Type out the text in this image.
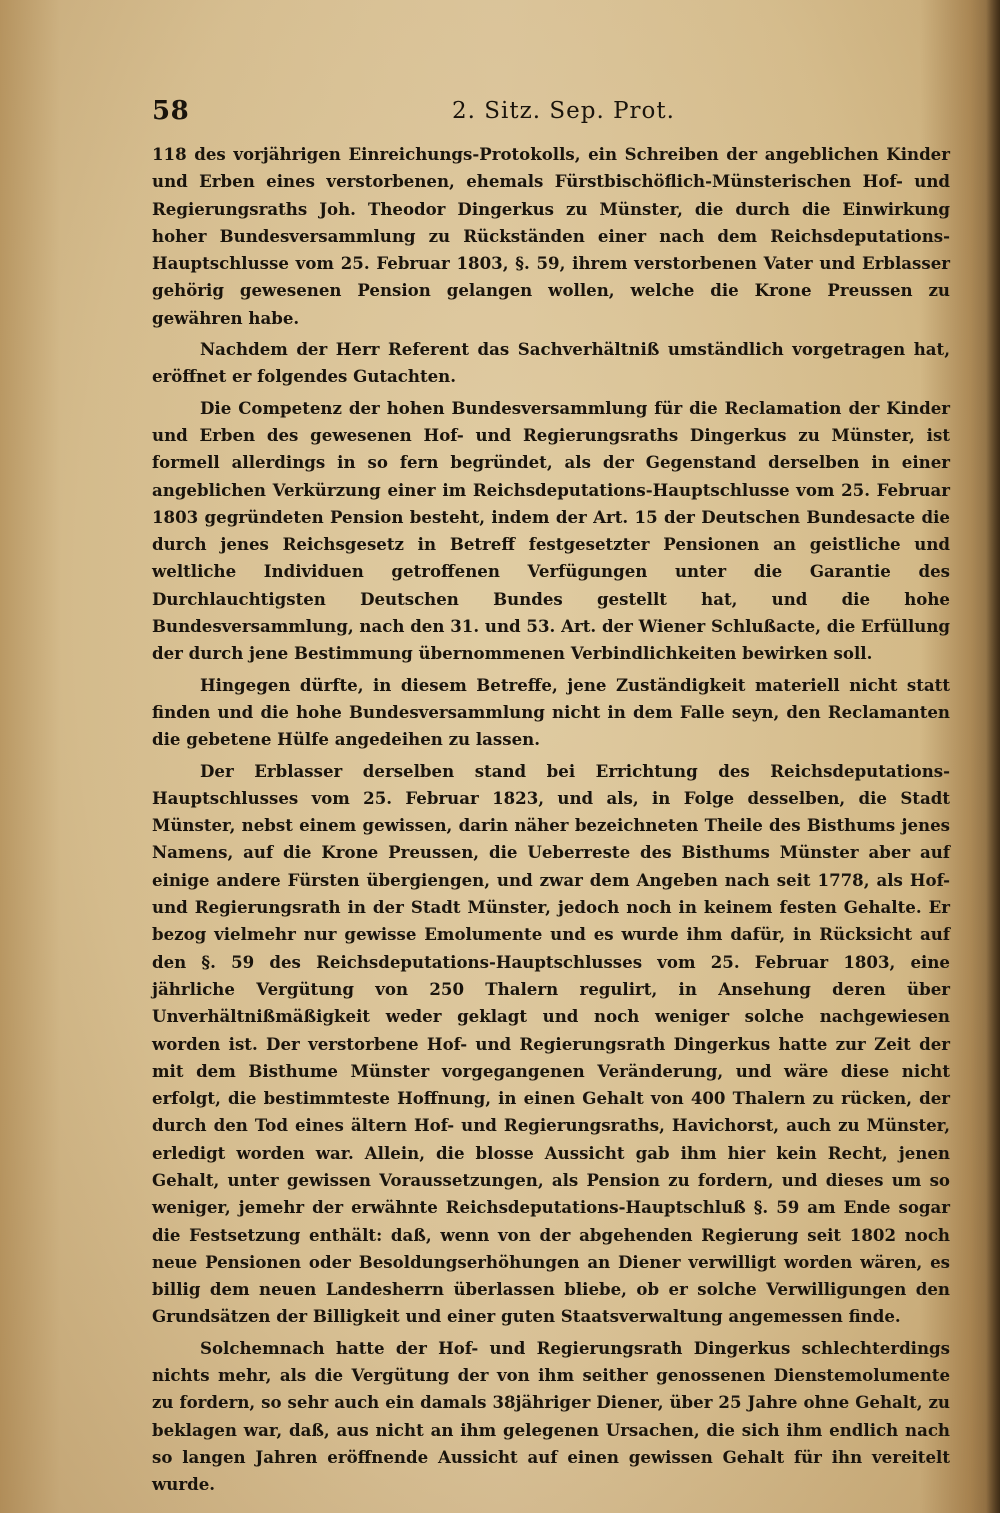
58	2. Sitz. Sep. Prot.

118 des vorjährigen Einreichungs-Protokolls, ein Schreiben der angeblichen Kinder und Erben eines verstorbenen, ehemals Fürstbischöflich-Münsterischen Hof- und Regierungsraths Joh. Theodor Dingerkus zu Münster, die durch die Einwirkung hoher Bundesversammlung zu Rückständen einer nach dem Reichsdeputations-Hauptschlusse vom 25. Februar 1803, §. 59, ihrem verstorbenen Vater und Erblasser gehörig gewesenen Pension gelangen wollen, welche die Krone Preussen zu gewähren habe.

Nachdem der Herr Referent das Sachverhältniß umständlich vorgetragen hat, eröffnet er folgendes Gutachten.

Die Competenz der hohen Bundesversammlung für die Reclamation der Kinder und Erben des gewesenen Hof- und Regierungsraths Dingerkus zu Münster, ist formell allerdings in so fern begründet, als der Gegenstand derselben in einer angeblichen Verkürzung einer im Reichsdeputations-Hauptschlusse vom 25. Februar 1803 gegründeten Pension besteht, indem der Art. 15 der Deutschen Bundesacte die durch jenes Reichsgesetz in Betreff festgesetzter Pensionen an geistliche und weltliche Individuen getroffenen Verfügungen unter die Garantie des Durchlauchtigsten Deutschen Bundes gestellt hat, und die hohe Bundesversammlung, nach den 31. und 53. Art. der Wiener Schlußacte, die Erfüllung der durch jene Bestimmung übernommenen Verbindlichkeiten bewirken soll.

Hingegen dürfte, in diesem Betreffe, jene Zuständigkeit materiell nicht statt finden und die hohe Bundesversammlung nicht in dem Falle seyn, den Reclamanten die gebetene Hülfe angedeihen zu lassen.

Der Erblasser derselben stand bei Errichtung des Reichsdeputations-Hauptschlusses vom 25. Februar 1823, und als, in Folge desselben, die Stadt Münster, nebst einem gewissen, darin näher bezeichneten Theile des Bisthums jenes Namens, auf die Krone Preussen, die Ueberreste des Bisthums Münster aber auf einige andere Fürsten übergiengen, und zwar dem Angeben nach seit 1778, als Hof- und Regierungsrath in der Stadt Münster, jedoch noch in keinem festen Gehalte. Er bezog vielmehr nur gewisse Emolumente und es wurde ihm dafür, in Rücksicht auf den §. 59 des Reichsdeputations-Hauptschlusses vom 25. Februar 1803, eine jährliche Vergütung von 250 Thalern regulirt, in Ansehung deren über Unverhältnißmäßigkeit weder geklagt und noch weniger solche nachgewiesen worden ist. Der verstorbene Hof- und Regierungsrath Dingerkus hatte zur Zeit der mit dem Bisthume Münster vorgegangenen Veränderung, und wäre diese nicht erfolgt, die bestimmteste Hoffnung, in einen Gehalt von 400 Thalern zu rücken, der durch den Tod eines ältern Hof- und Regierungsraths, Havichorst, auch zu Münster, erledigt worden war. Allein, die blosse Aussicht gab ihm hier kein Recht, jenen Gehalt, unter gewissen Voraussetzungen, als Pension zu fordern, und dieses um so weniger, jemehr der erwähnte Reichsdeputations-Hauptschluß §. 59 am Ende sogar die Festsetzung enthält: daß, wenn von der abgehenden Regierung seit 1802 noch neue Pensionen oder Besoldungserhöhungen an Diener verwilligt worden wären, es billig dem neuen Landesherrn überlassen bliebe, ob er solche Verwilligungen den Grundsätzen der Billigkeit und einer guten Staatsverwaltung angemessen finde.

Solchemnach hatte der Hof- und Regierungsrath Dingerkus schlechterdings nichts mehr, als die Vergütung der von ihm seither genossenen Dienstemolumente zu fordern, so sehr auch ein damals 38jähriger Diener, über 25 Jahre ohne Gehalt, zu beklagen war, daß, aus nicht an ihm gelegenen Ursachen, die sich ihm endlich nach so langen Jahren eröffnende Aussicht auf einen gewissen Gehalt für ihn vereitelt wurde.
